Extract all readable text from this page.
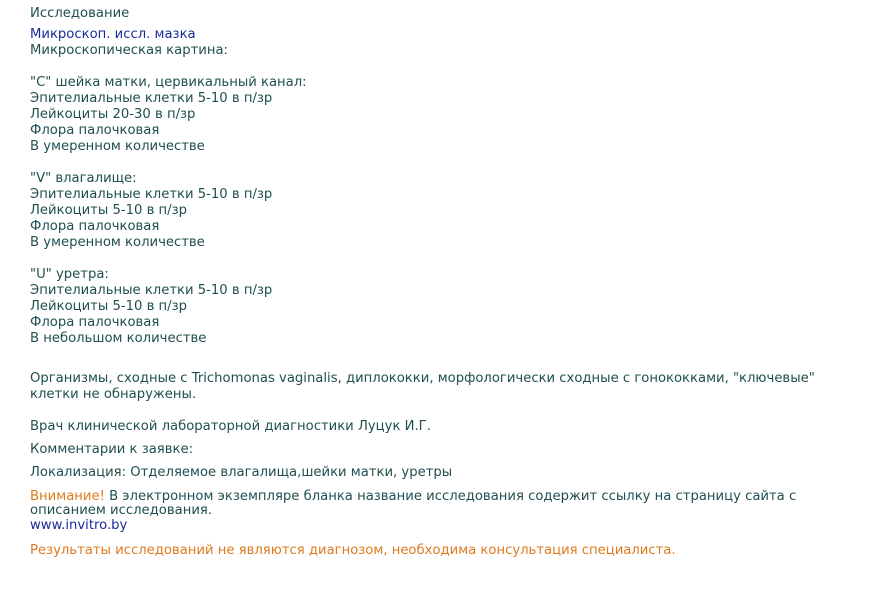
Исследование
Микроскоп. иссл. мазка
Микроскопическая картина:
"C" шейка матки, цервикальный канал:
Эпителиальные клетки 5-10 в п/зр
Лейкоциты 20-30 в п/зр
Флора палочковая
В умеренном количестве
"V" влагалище:
Эпителиальные клетки 5-10 в п/зр
Лейкоциты 5-10 в п/зр
Флора палочковая
В умеренном количестве
"U" уретра:
Эпителиальные клетки 5-10 в п/зр
Лейкоциты 5-10 в п/зр
Флора палочковая
В небольшом количестве
Организмы, сходные с Trichomonas vaginalis, диплококки, морфологически сходные с гонококками, "ключевые" клетки не обнаружены.
Врач клинической лабораторной диагностики Луцук И.Г.
Комментарии к заявке:
Локализация: Отделяемое влагалища,шейки матки, уретры
Внимание! В электронном экземпляре бланка название исследования содержит ссылку на страницу сайта с описанием исследования.
www.invitro.by
Результаты исследований не являются диагнозом, необходима консультация специалиста.
